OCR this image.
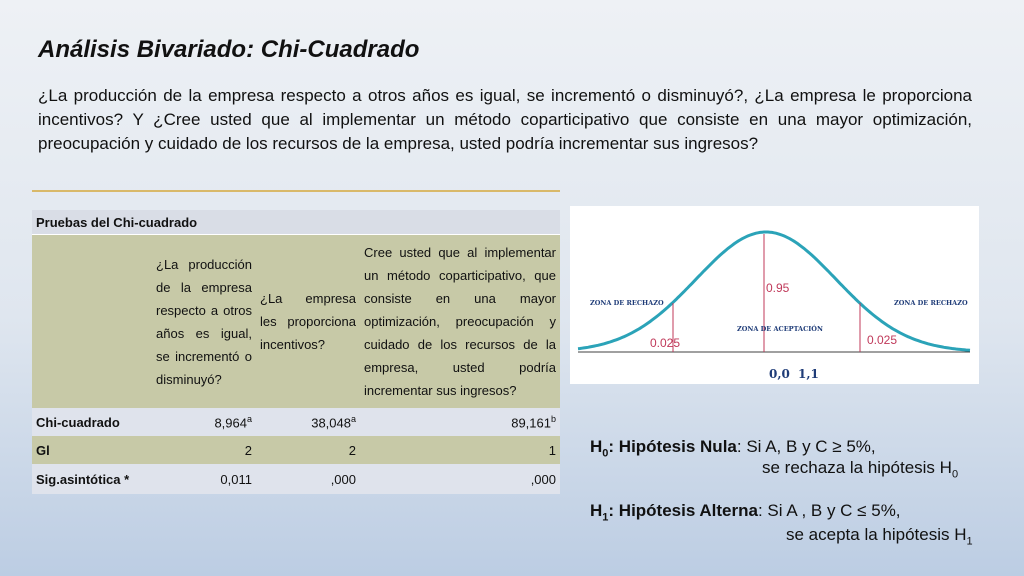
Análisis Bivariado: Chi-Cuadrado

¿La producción de la empresa respecto a otros años es igual, se incrementó o disminuyó?, ¿La empresa le proporciona incentivos? Y ¿Cree usted que al implementar un método coparticipativo que consiste en una mayor optimización, preocupación y cuidado de los recursos de la empresa, usted podría incrementar sus ingresos?

Pruebas del Chi-cuadrado			
	¿La producción de la empresa respecto a otros años es igual, se incrementó o disminuyó?	¿La empresa les proporciona incentivos?	Cree usted que al implementar un método coparticipativo, que consiste en una mayor optimización, preocupación y cuidado de los recursos de la empresa, usted podría incrementar sus ingresos?
Chi-cuadrado	8,964$^a$	38,048$^a$	89,161$^b$
Gl	2	2	1
Sig.asintótica *	0,011	,000	,000
ZONA DE RECHAZO	ZONA DE RECHAZO
ZONA DE ACEPTACIÓN
0.95
0.025	0.025
0,0 1,1

$H_0$: Hipótesis Nula: Si A, B y C ≥ 5%,

se rechaza la hipótesis $H_0$

$H_1$: Hipótesis Alterna: Si A , B y C ≤ 5%,

se acepta la hipótesis $H_1$
